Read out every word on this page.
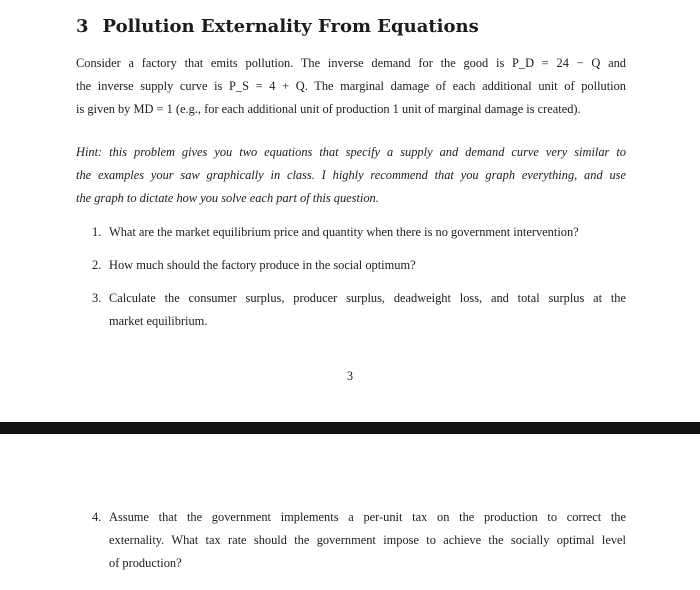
3 Pollution Externality From Equations

Consider a factory that emits pollution. The inverse demand for the good is P_D = 24 − Q and
the inverse supply curve is P_S = 4 + Q. The marginal damage of each additional unit of pollution
is given by MD = 1 (e.g., for each additional unit of production 1 unit of marginal damage is created).

Hint: this problem gives you two equations that specify a supply and demand curve very similar to
the examples your saw graphically in class. I highly recommend that you graph everything, and use
the graph to dictate how you solve each part of this question.

1. What are the market equilibrium price and quantity when there is no government intervention?
2. How much should the factory produce in the social optimum?
3. Calculate the consumer surplus, producer surplus, deadweight loss, and total surplus at the
market equilibrium.
3
4. Assume that the government implements a per-unit tax on the production to correct the
externality. What tax rate should the government impose to achieve the socially optimal level
of production?
